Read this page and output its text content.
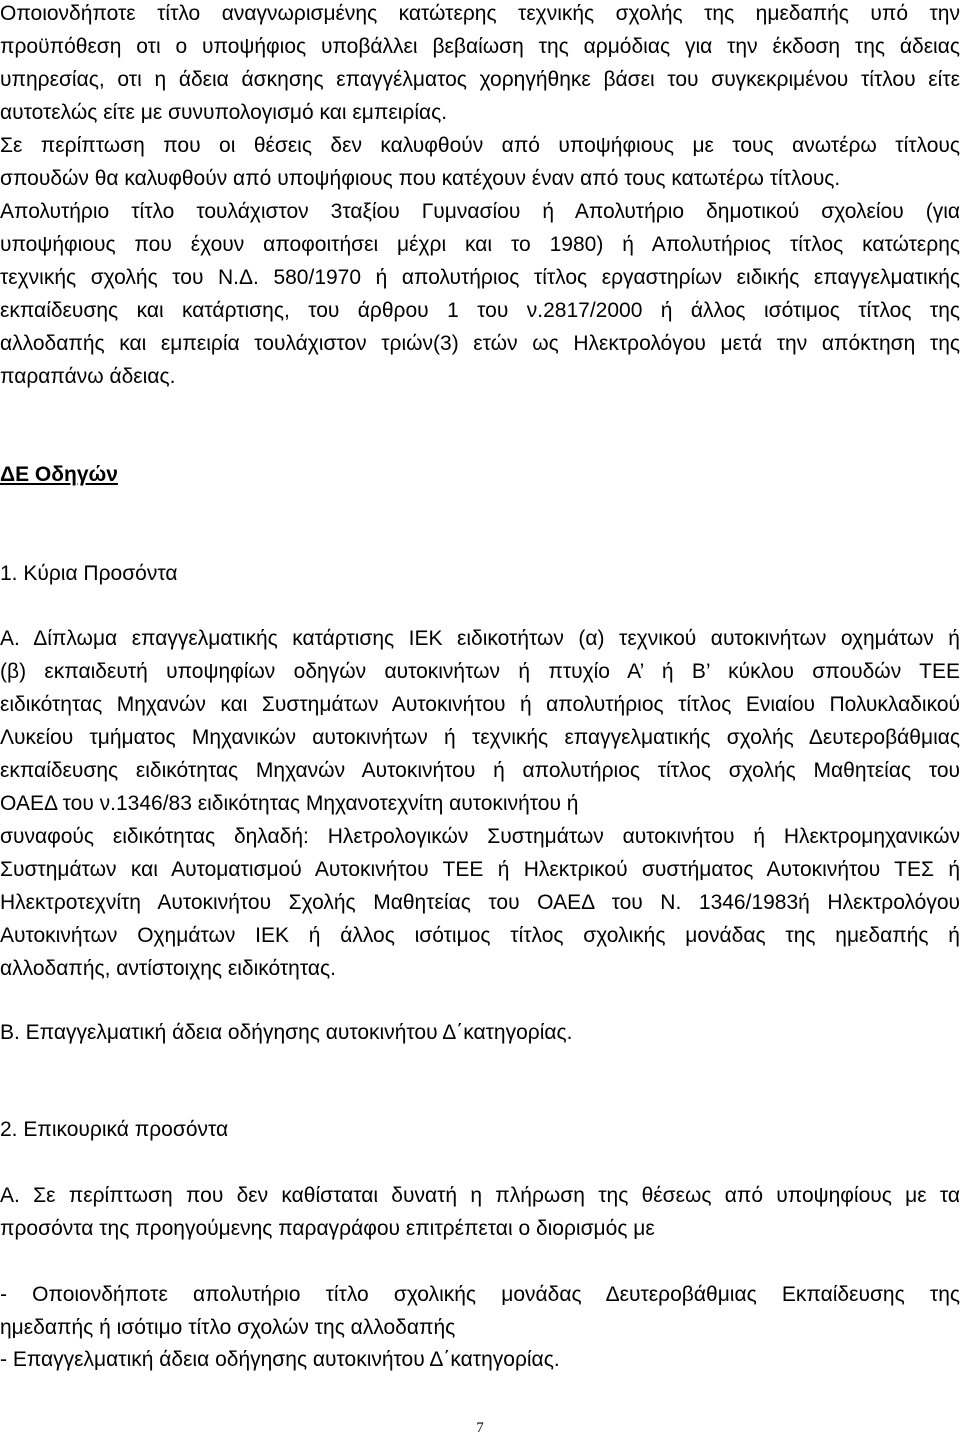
Οποιονδήποτε τίτλο αναγνωρισμένης κατώτερης τεχνικής σχολής της ημεδαπής υπό την

προϋπόθεση οτι ο υποψήφιος υποβάλλει βεβαίωση της αρμόδιας για την έκδοση της άδειας

υπηρεσίας, οτι η άδεια άσκησης επαγγέλματος χορηγήθηκε βάσει του συγκεκριμένου τίτλου είτε

αυτοτελώς είτε με συνυπολογισμό και εμπειρίας.

Σε περίπτωση που οι θέσεις δεν καλυφθούν από υποψήφιους με τους ανωτέρω τίτλους

σπουδών θα καλυφθούν από υποψήφιους που κατέχουν έναν από τους κατωτέρω τίτλους.

Απολυτήριο τίτλο τουλάχιστον 3ταξίου Γυμνασίου ή Απολυτήριο δημοτικού σχολείου (για

υποψήφιους που έχουν αποφοιτήσει μέχρι και το 1980) ή Απολυτήριος τίτλος κατώτερης

τεχνικής σχολής του Ν.Δ. 580/1970 ή απολυτήριος τίτλος εργαστηρίων ειδικής επαγγελματικής

εκπαίδευσης και κατάρτισης, του άρθρου 1 του ν.2817/2000 ή άλλος ισότιμος τίτλος της

αλλοδαπής και εμπειρία τουλάχιστον τριών(3) ετών ως Ηλεκτρολόγου μετά την απόκτηση της

παραπάνω άδειας.

ΔΕ Οδηγών

1. Κύρια Προσόντα

Α. Δίπλωμα επαγγελματικής κατάρτισης ΙΕΚ ειδικοτήτων (α) τεχνικού αυτοκινήτων οχημάτων ή

(β) εκπαιδευτή υποψηφίων οδηγών αυτοκινήτων ή πτυχίο Α’ ή Β’ κύκλου σπουδών ΤΕΕ

ειδικότητας Μηχανών και Συστημάτων Αυτοκινήτου ή απολυτήριος τίτλος Ενιαίου Πολυκλαδικού

Λυκείου τμήματος Μηχανικών αυτοκινήτων ή τεχνικής επαγγελματικής σχολής Δευτεροβάθμιας

εκπαίδευσης ειδικότητας Μηχανών Αυτοκινήτου ή απολυτήριος τίτλος σχολής Μαθητείας του

ΟΑΕΔ του ν.1346/83 ειδικότητας Μηχανοτεχνίτη αυτοκινήτου ή

συναφούς ειδικότητας δηλαδή: Ηλετρολογικών Συστημάτων αυτοκινήτου ή Ηλεκτρομηχανικών

Συστημάτων και Αυτοματισμού Αυτοκινήτου ΤΕΕ ή Ηλεκτρικού συστήματος Αυτοκινήτου ΤΕΣ ή

Ηλεκτροτεχνίτη Αυτοκινήτου Σχολής Μαθητείας του ΟΑΕΔ του Ν. 1346/1983ή Ηλεκτρολόγου

Αυτοκινήτων Οχημάτων ΙΕΚ ή άλλος ισότιμος τίτλος σχολικής μονάδας της ημεδαπής ή

αλλοδαπής, αντίστοιχης ειδικότητας.

Β. Επαγγελματική άδεια οδήγησης αυτοκινήτου Δ΄κατηγορίας.

2. Επικουρικά προσόντα

Α. Σε περίπτωση που δεν καθίσταται δυνατή η πλήρωση της θέσεως από υποψηφίους με τα

προσόντα της προηγούμενης παραγράφου επιτρέπεται ο διορισμός με

- Οποιονδήποτε απολυτήριο τίτλο σχολικής μονάδας Δευτεροβάθμιας Εκπαίδευσης της

ημεδαπής ή ισότιμο τίτλο σχολών της αλλοδαπής

- Επαγγελματική άδεια οδήγησης αυτοκινήτου Δ΄κατηγορίας.

7
